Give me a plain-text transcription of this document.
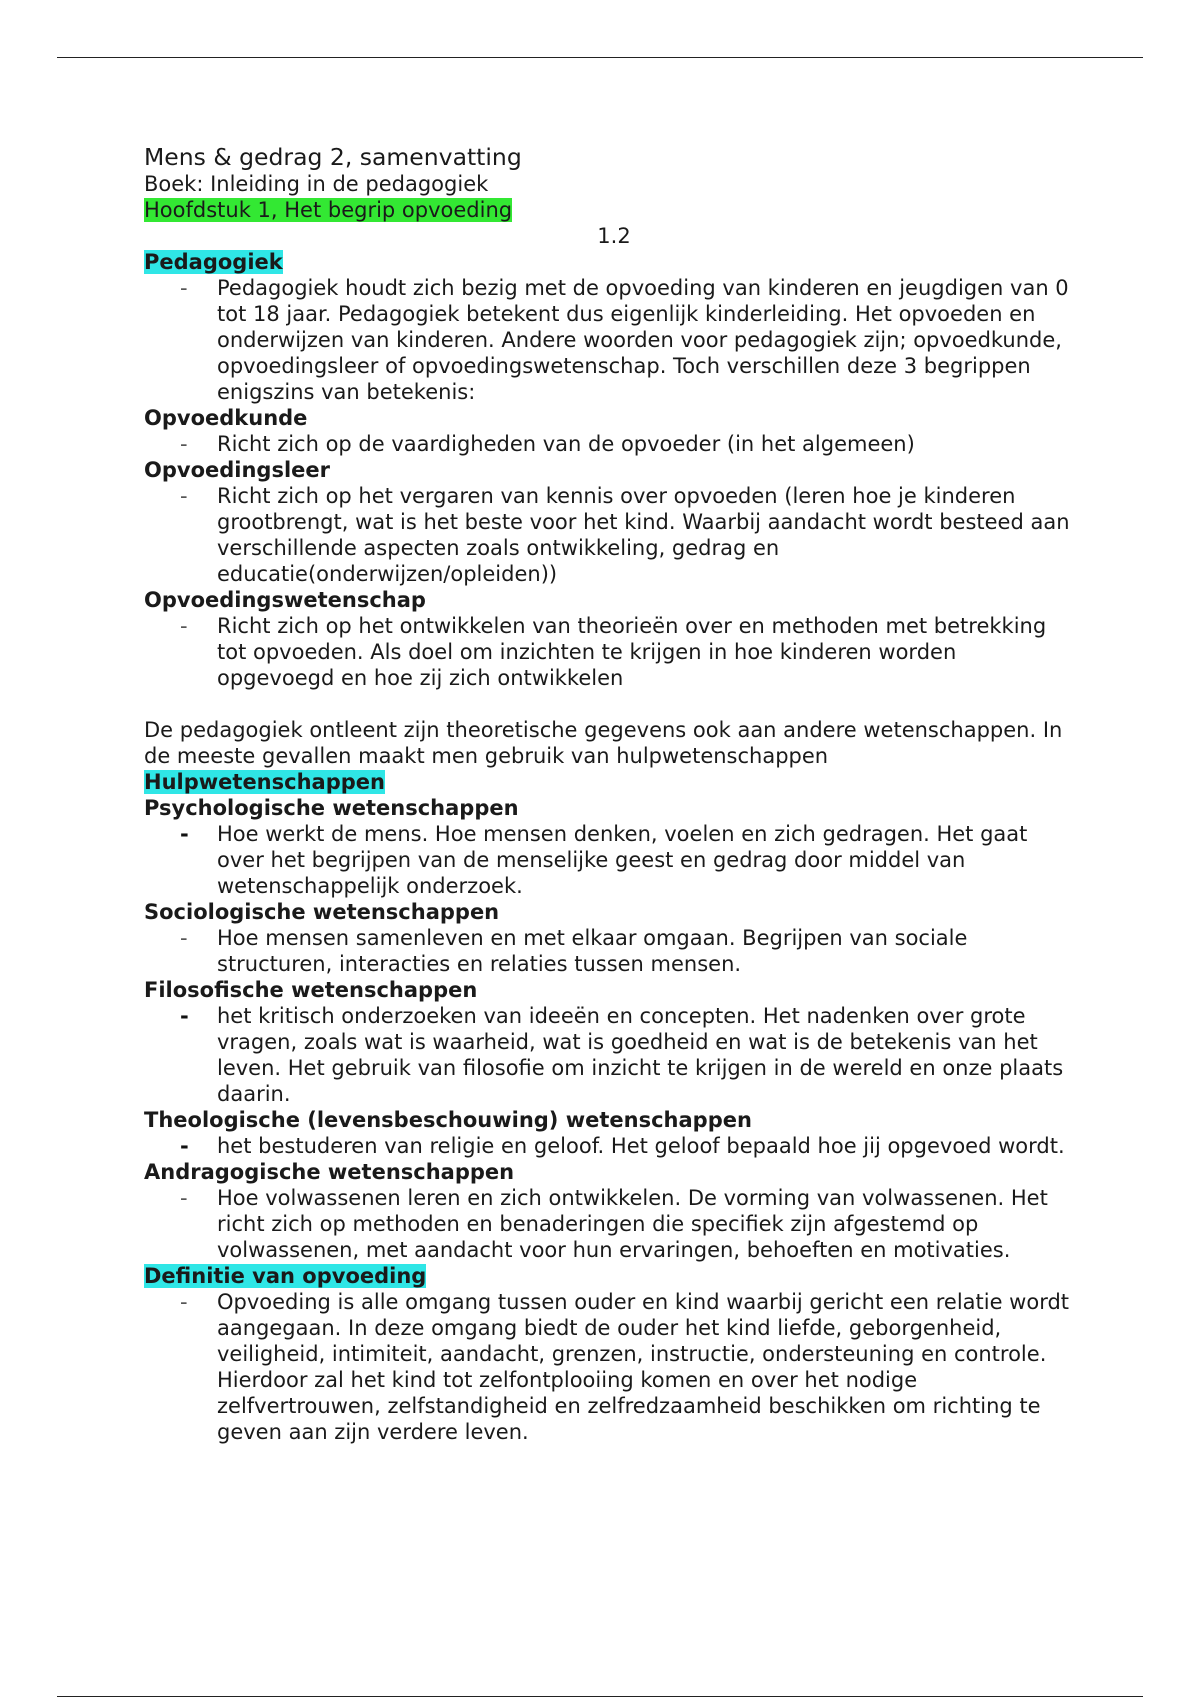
Mens & gedrag 2, samenvatting
Boek: Inleiding in de pedagogiek
Hoofdstuk 1, Het begrip opvoeding
1.2
Pedagogiek
- Pedagogiek houdt zich bezig met de opvoeding van kinderen en jeugdigen van 0 tot 18 jaar. Pedagogiek betekent dus eigenlijk kinderleiding. Het opvoeden en onderwijzen van kinderen. Andere woorden voor pedagogiek zijn; opvoedkunde, opvoedingsleer of opvoedingswetenschap. Toch verschillen deze 3 begrippen enigszins van betekenis:
Opvoedkunde
- Richt zich op de vaardigheden van de opvoeder (in het algemeen)
Opvoedingsleer
- Richt zich op het vergaren van kennis over opvoeden (leren hoe je kinderen grootbrengt, wat is het beste voor het kind. Waarbij aandacht wordt besteed aan verschillende aspecten zoals ontwikkeling, gedrag en educatie(onderwijzen/opleiden))
Opvoedingswetenschap
- Richt zich op het ontwikkelen van theorieën over en methoden met betrekking tot opvoeden. Als doel om inzichten te krijgen in hoe kinderen worden opgevoegd en hoe zij zich ontwikkelen
De pedagogiek ontleent zijn theoretische gegevens ook aan andere wetenschappen. In de meeste gevallen maakt men gebruik van hulpwetenschappen
Hulpwetenschappen
Psychologische wetenschappen
- Hoe werkt de mens. Hoe mensen denken, voelen en zich gedragen. Het gaat over het begrijpen van de menselijke geest en gedrag door middel van wetenschappelijk onderzoek.
Sociologische wetenschappen
- Hoe mensen samenleven en met elkaar omgaan. Begrijpen van sociale structuren, interacties en relaties tussen mensen.
Filosofische wetenschappen
- het kritisch onderzoeken van ideeën en concepten. Het nadenken over grote vragen, zoals wat is waarheid, wat is goedheid en wat is de betekenis van het leven. Het gebruik van filosofie om inzicht te krijgen in de wereld en onze plaats daarin.
Theologische (levensbeschouwing) wetenschappen
- het bestuderen van religie en geloof. Het geloof bepaald hoe jij opgevoed wordt.
Andragogische wetenschappen
- Hoe volwassenen leren en zich ontwikkelen. De vorming van volwassenen. Het richt zich op methoden en benaderingen die specifiek zijn afgestemd op volwassenen, met aandacht voor hun ervaringen, behoeften en motivaties.
Definitie van opvoeding
- Opvoeding is alle omgang tussen ouder en kind waarbij gericht een relatie wordt aangegaan. In deze omgang biedt de ouder het kind liefde, geborgenheid, veiligheid, intimiteit, aandacht, grenzen, instructie, ondersteuning en controle. Hierdoor zal het kind tot zelfontplooiing komen en over het nodige zelfvertrouwen, zelfstandigheid en zelfredzaamheid beschikken om richting te geven aan zijn verdere leven.
